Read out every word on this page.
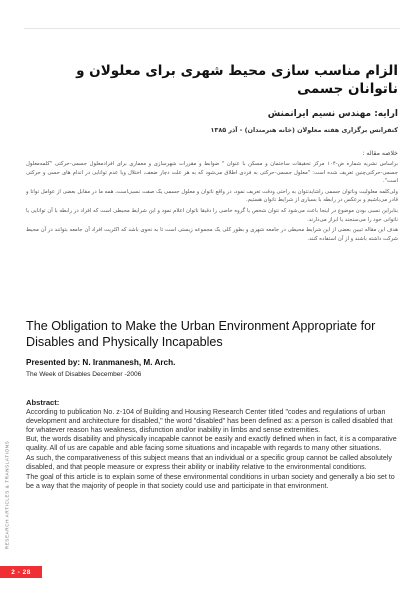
الزام مناسب سازی محیط شهری برای معلولان و ناتوانان جسمی
ارایه: مهندس نسیم ایرانمنش
کنفرانس برگزاری هفته معلولان (خانه هنرمندان) - آذر ۱۳۸۵
خلاصه مقاله :

براساس نشریه شماره ض-۱۰۴ مرکز تحقیقات ساختمان و مسکن با عنوان " ضوابط و مقررات شهرسازی و معماری برای افرادمعلول جسمی-حرکتی "کلمه‌معلول جسمی-حرکتی‌چنین تعریف شده است: "معلول جسمی-حرکتی به فردی اطلاق می‌شود که به هر علت دچار ضعف، اختلال ویا عدم توانایی در اندام های حسی و حرکتی است".

ولی‌کلمه معلولیت وناتوان جسمی راشایدنتوان به راحتی ودقت تعریف نمود، در واقع ناتوان و معلول جسمی یک صفت نسبی‌است، همه ما در مقابل بعضی از عوامل توانا و قادر می‌باشیم و برعکس در رابطه با بسیاری از شرایط ناتوان هستیم.

بنابراین نسبی بودن موضوع در اینجا باعث می‌شود که نتوان شخص یا گروه خاصی را دقیقا ناتوان اعلام نمود و این شرایط محیطی است که افراد در رابطه با آن توانایی یا ناتوانی خود را می‌سنجند یا ابراز می‌دارند.

هدف این مقاله تبیین بعضی از این شرایط محیطی در جامعه شهری و بطور کلی یک مجموعه زیستی است تا به نحوی باشد که اکثریت افراد آن جامعه بتوانند در آن محیط شرکت داشته باشند و از آن استفاده کنند.

The Obligation to Make the Urban Environment Appropriate for Disables and Physically Incapables
Presented by: N. Iranmanesh, M. Arch.
The Week of Disables December -2006
Abstract:

According to publication No. z-104 of Building and Housing Research Center titled "codes and regulations of urban development and architecture for disabled," the word "disabled" has been defined as: a person is called disabled that for whatever reason has weakness, disfunction and/or inability in limbs and sense extremities.

But, the words disability and physically incapable cannot be easily and exactly defined when in fact, it is a comparative quality. All of us are capable and able facing some situations and incapable with regards to many other situations.

As such, the comparativeness of this subject means that an individual or a specific group cannot be called absolutely disabled, and that people measure or express their ability or inability relative to the environmental conditions.

The goal of this article is to explain some of these environmental conditions in urban society and generally a bio set to be a way that the majority of people in that society could use and participate in that environment.

RESEARCH ARTICLES & TRANSLATIONS
2 - 28
